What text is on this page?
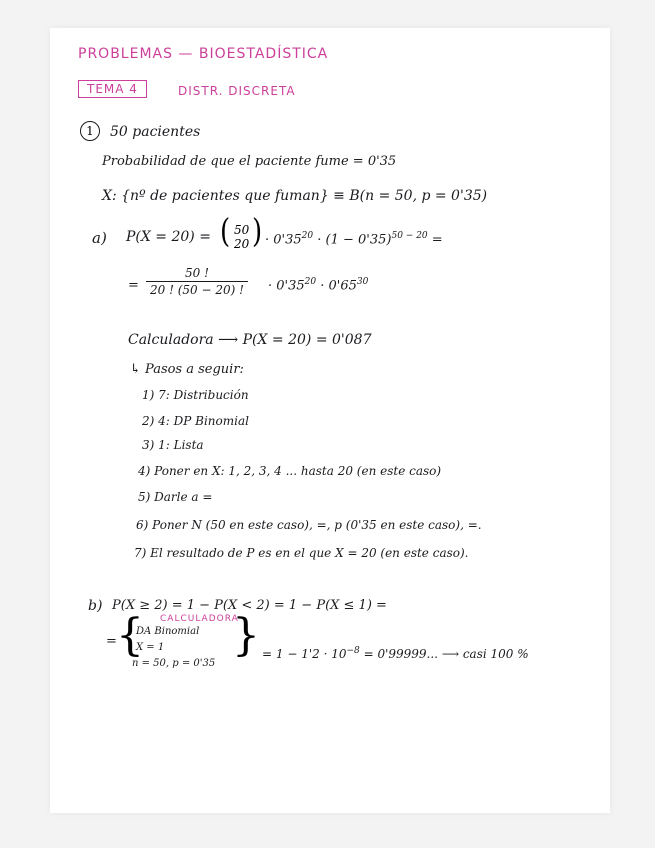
PROBLEMAS — BIOESTADÍSTICA
TEMA 4	DISTR. DISCRETA
1	50 pacientes
Probabilidad de que el paciente fume = 0'35
X: {nº de pacientes que fuman} ≡ B(n = 50, p = 0'35)
a) P(X = 20) = ( 50
20 ) · $0'35^{20} \cdot (1 - 0'35)^{50 - 20}$ =
=
50 !
20 ! (50 − 20) !	· $0'35^{20} \cdot 0'65^{30}$
Calculadora ⟶ P(X = 20) = 0'087
↳ Pasos a seguir:
1) 7: Distribución
2) 4: DP Binomial
3) 1: Lista
4) Poner en X: 1, 2, 3, 4 ... hasta 20 (en este caso)
5) Darle a =
6) Poner N (50 en este caso), =, p (0'35 en este caso), =.
7) El resultado de P es en el que X = 20 (en este caso).
b) P(X ≥ 2) = 1 − P(X < 2) = 1 − P(X ≤ 1) =
= { CALCULADORA
DA Binomial
X = 1
n = 50, p = 0'35
} = $1 - 1'2 \cdot 10^{-8} = 0'99999$... ⟶ casi 100 %
